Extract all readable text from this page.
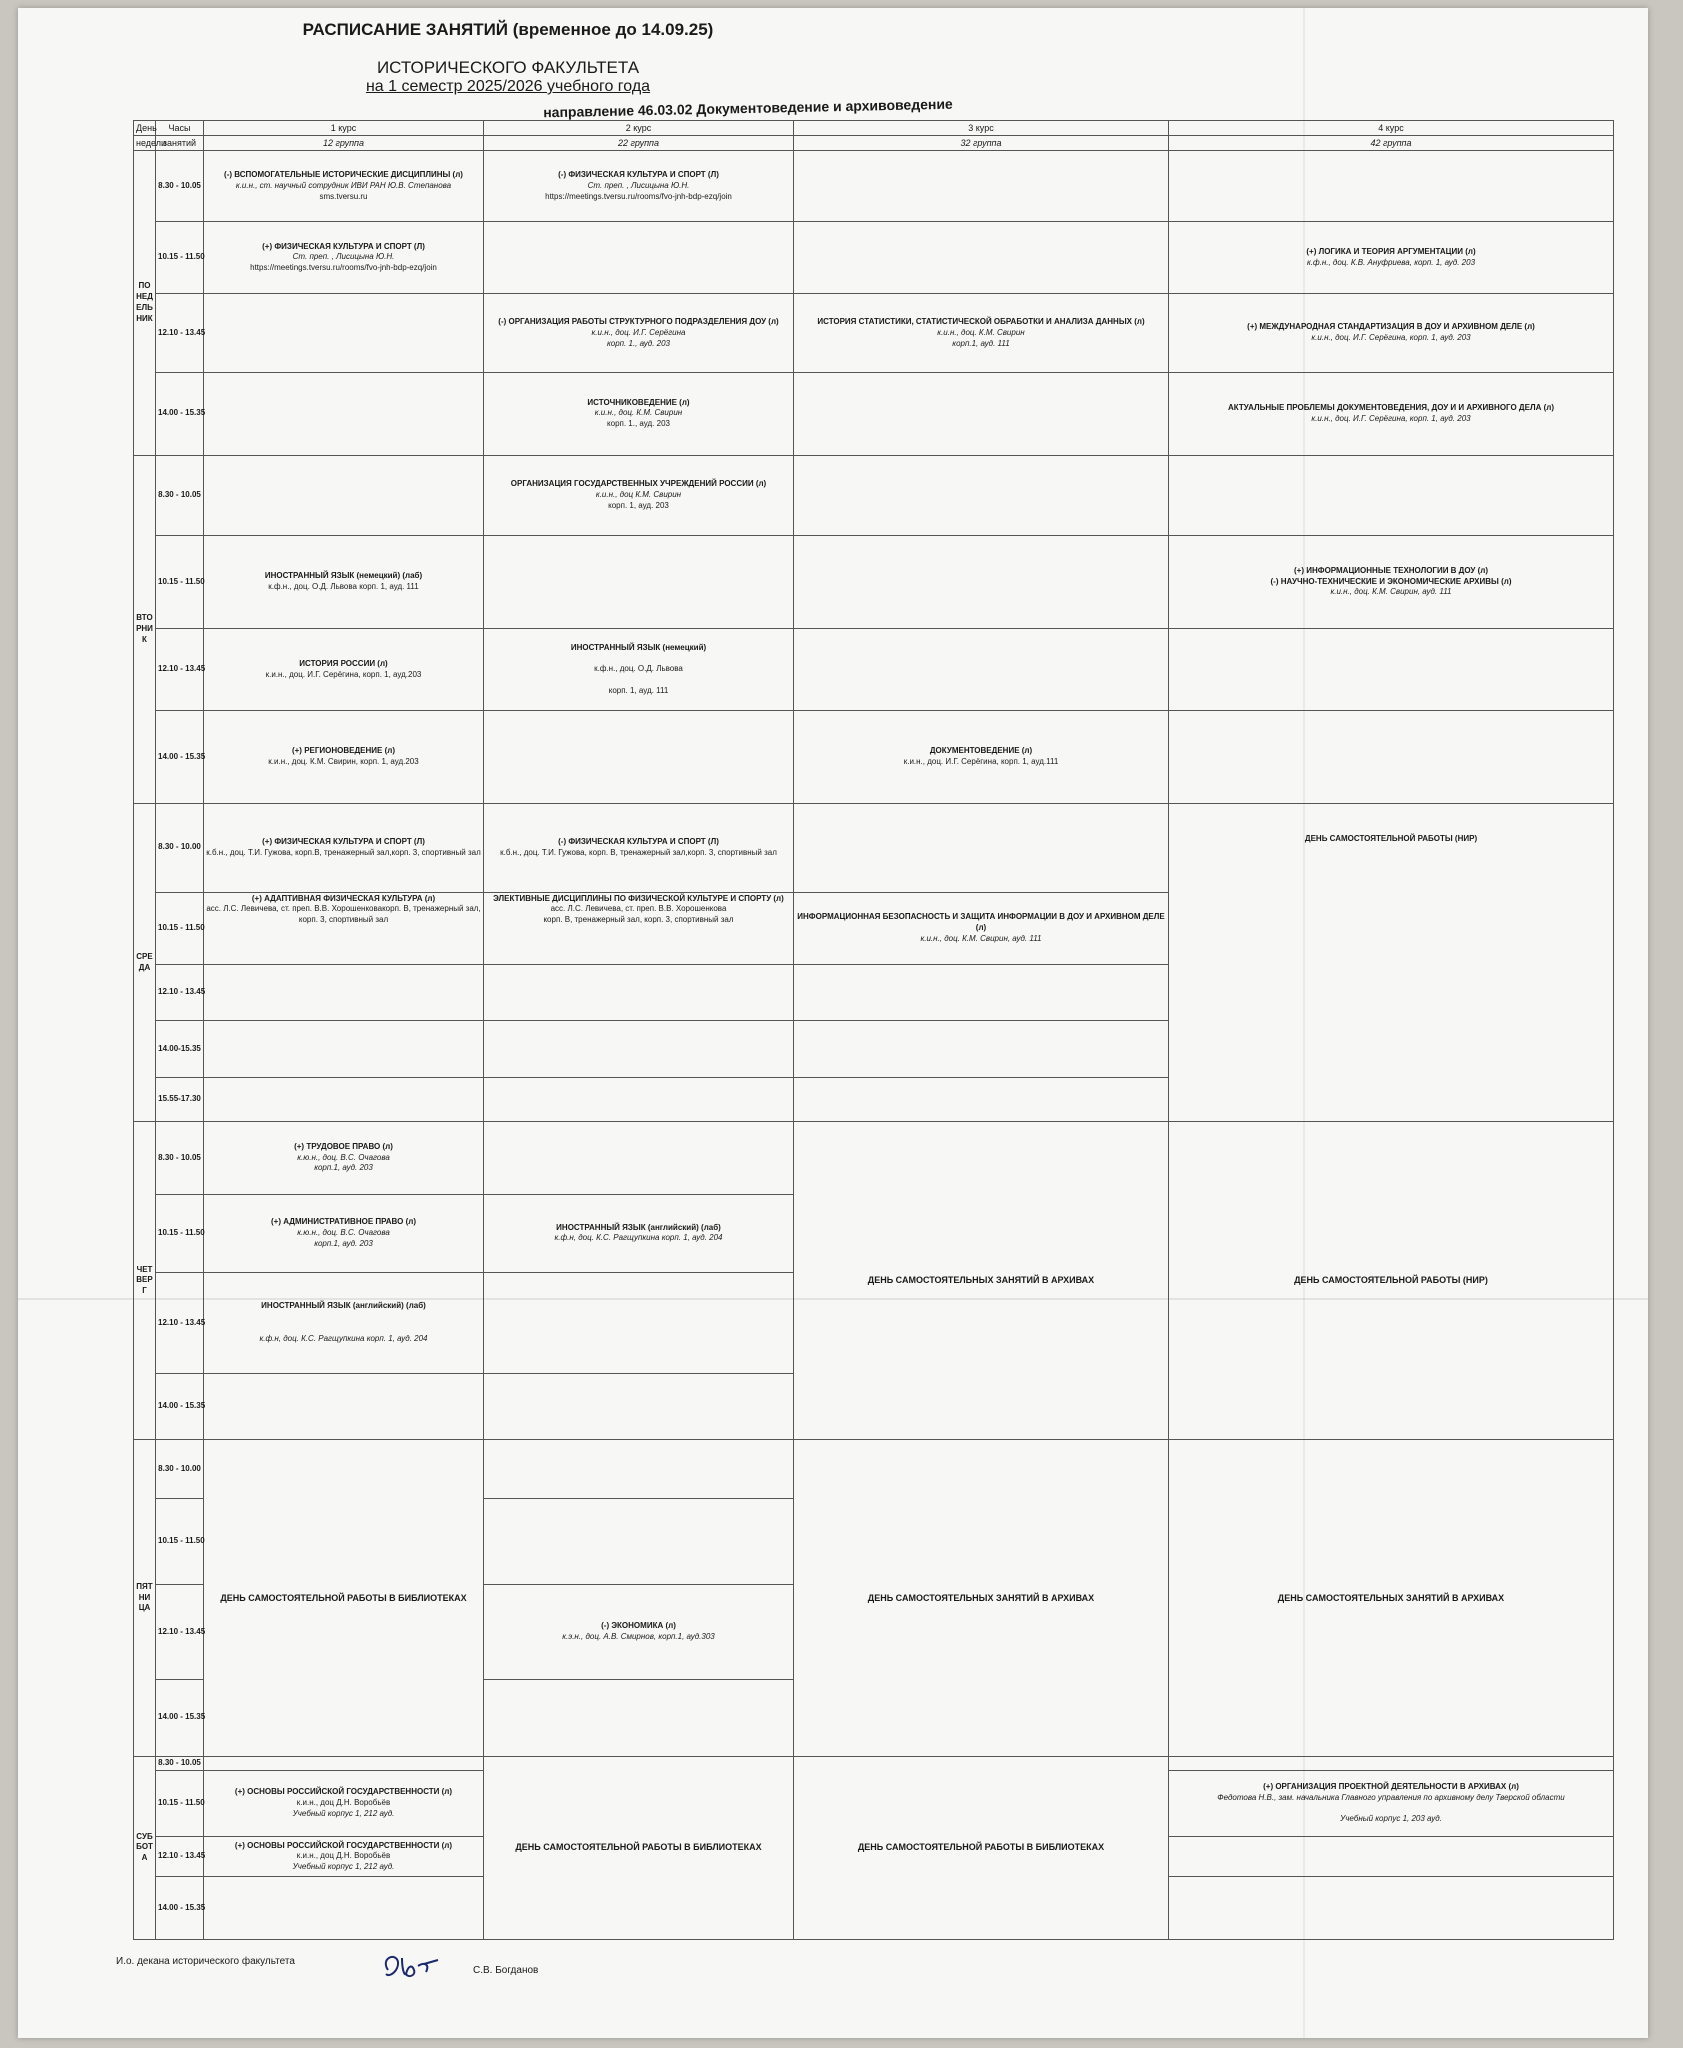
РАСПИСАНИЕ ЗАНЯТИЙ (временное до 14.09.25)
ИСТОРИЧЕСКОГО ФАКУЛЬТЕТА
на 1 семестр 2025/2026 учебного года
направление 46.03.02 Документоведение и архивоведение
День	Часы	1 курс	2 курс	3 курс	4 курс
недели	занятий	12 группа	22 группа	32 группа	42 группа
ПОНЕДЕЛЬНИК	8.30 - 10.05	(-) ВСПОМОГАТЕЛЬНЫЕ ИСТОРИЧЕСКИЕ ДИСЦИПЛИНЫ (л)
к.и.н., ст. научный сотрудник ИВИ РАН Ю.В. Степанова
sms.tversu.ru	(-) ФИЗИЧЕСКАЯ КУЛЬТУРА И СПОРТ (Л)
Ст. преп. , Лисицына Ю.Н.
https://meetings.tversu.ru/rooms/fvo-jnh-bdp-ezq/join		
	10.15 - 11.50	(+) ФИЗИЧЕСКАЯ КУЛЬТУРА И СПОРТ (Л)
Ст. преп. , Лисицына Ю.Н.
https://meetings.tversu.ru/rooms/fvo-jnh-bdp-ezq/join			(+) ЛОГИКА И ТЕОРИЯ АРГУМЕНТАЦИИ (л)
к.ф.н., доц. К.В. Ануфриева, корп. 1, ауд. 203

	12.10 - 13.45		(-) ОРГАНИЗАЦИЯ РАБОТЫ СТРУКТУРНОГО ПОДРАЗДЕЛЕНИЯ ДОУ (л)
к.и.н., доц. И.Г. Серёгина
корп. 1., ауд. 203	ИСТОРИЯ СТАТИСТИКИ, СТАТИСТИЧЕСКОЙ ОБРАБОТКИ И АНАЛИЗА ДАННЫХ (л)
к.и.н., доц. К.М. Свирин
корп.1, ауд. 111	(+) МЕЖДУНАРОДНАЯ СТАНДАРТИЗАЦИЯ В ДОУ И АРХИВНОМ ДЕЛЕ (л)
к.и.н., доц. И.Г. Серёгина, корп. 1, ауд. 203

	14.00 - 15.35		ИСТОЧНИКОВЕДЕНИЕ (л)
к.и.н., доц. К.М. Свирин
корп. 1., ауд. 203		АКТУАЛЬНЫЕ ПРОБЛЕМЫ ДОКУМЕНТОВЕДЕНИЯ, ДОУ И И АРХИВНОГО ДЕЛА (л)
к.и.н., доц. И.Г. Серёгина, корп. 1, ауд. 203

ВТОРНИК	8.30 - 10.05		ОРГАНИЗАЦИЯ ГОСУДАРСТВЕННЫХ УЧРЕЖДЕНИЙ РОССИИ (л)
к.и.н., доц К.М. Свирин
корп. 1, ауд. 203		
	10.15 - 11.50	ИНОСТРАННЫЙ ЯЗЫК (немецкий) (лаб)
к.ф.н., доц. О.Д. Львова корп. 1, ауд. 111			(+) ИНФОРМАЦИОННЫЕ ТЕХНОЛОГИИ В ДОУ (л)
(-) НАУЧНО-ТЕХНИЧЕСКИЕ И ЭКОНОМИЧЕСКИЕ АРХИВЫ (л)
к.и.н., доц. К.М. Свирин, ауд. 111

	12.10 - 13.45	ИСТОРИЯ РОССИИ (л)
к.и.н., доц. И.Г. Серёгина, корп. 1, ауд.203	ИНОСТРАННЫЙ ЯЗЫК (немецкий)

к.ф.н., доц. О.Д. Львова

корп. 1, ауд. 111		
	14.00 - 15.35	(+) РЕГИОНОВЕДЕНИЕ (л)
к.и.н., доц. К.М. Свирин, корп. 1, ауд.203		ДОКУМЕНТОВЕДЕНИЕ (л)
к.и.н., доц. И.Г. Серёгина, корп. 1, ауд.111	
СРЕДА	8.30 - 10.00	(+) ФИЗИЧЕСКАЯ КУЛЬТУРА И СПОРТ (Л)
к.б.н., доц. Т.И. Гужова, корп.В, тренажерный зал,корп. 3, спортивный зал	(-) ФИЗИЧЕСКАЯ КУЛЬТУРА И СПОРТ (Л)
к.б.н., доц. Т.И. Гужова, корп. В, тренажерный зал,корп. 3, спортивный зал		ДЕНЬ САМОСТОЯТЕЛЬНОЙ РАБОТЫ (НИР)

	10.15 - 11.50	(+) АДАПТИВНАЯ ФИЗИЧЕСКАЯ КУЛЬТУРА (л)
асс. Л.С. Левичева, ст. преп. В.В. Хорошенковакорп. В, тренажерный зал, корп. 3, спортивный зал	ЭЛЕКТИВНЫЕ ДИСЦИПЛИНЫ ПО ФИЗИЧЕСКОЙ КУЛЬТУРЕ И СПОРТУ (л)
асс. Л.С. Левичева, ст. преп. В.В. Хорошенкова
корп. В, тренажерный зал, корп. 3, спортивный зал	ИНФОРМАЦИОННАЯ БЕЗОПАСНОСТЬ И ЗАЩИТА ИНФОРМАЦИИ В ДОУ И АРХИВНОМ ДЕЛЕ (л)
к.и.н., доц. К.М. Свирин, ауд. 111	

	12.10 - 13.45				
	14.00-15.35				
	15.55-17.30				
ЧЕТВЕРГ	8.30 - 10.05	(+) ТРУДОВОЕ ПРАВО (л)
к.ю.н., доц. В.С. Очагова
корп.1, ауд. 203		ДЕНЬ САМОСТОЯТЕЛЬНЫХ ЗАНЯТИЙ В АРХИВАХ	ДЕНЬ САМОСТОЯТЕЛЬНОЙ РАБОТЫ (НИР)
	10.15 - 11.50	(+) АДМИНИСТРАТИВНОЕ ПРАВО (л)
к.ю.н., доц. В.С. Очагова
корп.1, ауд. 203	ИНОСТРАННЫЙ ЯЗЫК (английский) (лаб)
к.ф.н, доц. К.С. Рагщупкина корп. 1, ауд. 204		

	12.10 - 13.45	ИНОСТРАННЫЙ ЯЗЫК (английский) (лаб)

к.ф.н, доц. К.С. Рагщупкина корп. 1, ауд. 204			

	14.00 - 15.35				
ПЯТНИЦА	8.30 - 10.00	ДЕНЬ САМОСТОЯТЕЛЬНОЙ РАБОТЫ В БИБЛИОТЕКАХ		ДЕНЬ САМОСТОЯТЕЛЬНЫХ ЗАНЯТИЙ В АРХИВАХ	ДЕНЬ САМОСТОЯТЕЛЬНЫХ ЗАНЯТИЙ В АРХИВАХ
	10.15 - 11.50				
	12.10 - 13.45		(-) ЭКОНОМИКА (л)
к.э.н., доц. А.В. Смирнов, корп.1, ауд.303		

	14.00 - 15.35				
СУББОТА	8.30 - 10.05		ДЕНЬ САМОСТОЯТЕЛЬНОЙ РАБОТЫ В БИБЛИОТЕКАХ	ДЕНЬ САМОСТОЯТЕЛЬНОЙ РАБОТЫ В БИБЛИОТЕКАХ	
	10.15 - 11.50	(+) ОСНОВЫ РОССИЙСКОЙ ГОСУДАРСТВЕННОСТИ (л)
к.и.н., доц Д.Н. Воробьёв

Учебный корпус 1, 212 ауд.			(+) ОРГАНИЗАЦИЯ ПРОЕКТНОЙ ДЕЯТЕЛЬНОСТИ В АРХИВАХ (л)
Федотова Н.В., зам. начальника Главного управления по архивному делу Тверской области

Учебный корпус 1, 203 ауд.

	12.10 - 13.45	(+) ОСНОВЫ РОССИЙСКОЙ ГОСУДАРСТВЕННОСТИ (л)
к.и.н., доц Д.Н. Воробьёв
Учебный корпус 1, 212 ауд.			

	14.00 - 15.35				
И.о. декана исторического факультета
С.В. Богданов
